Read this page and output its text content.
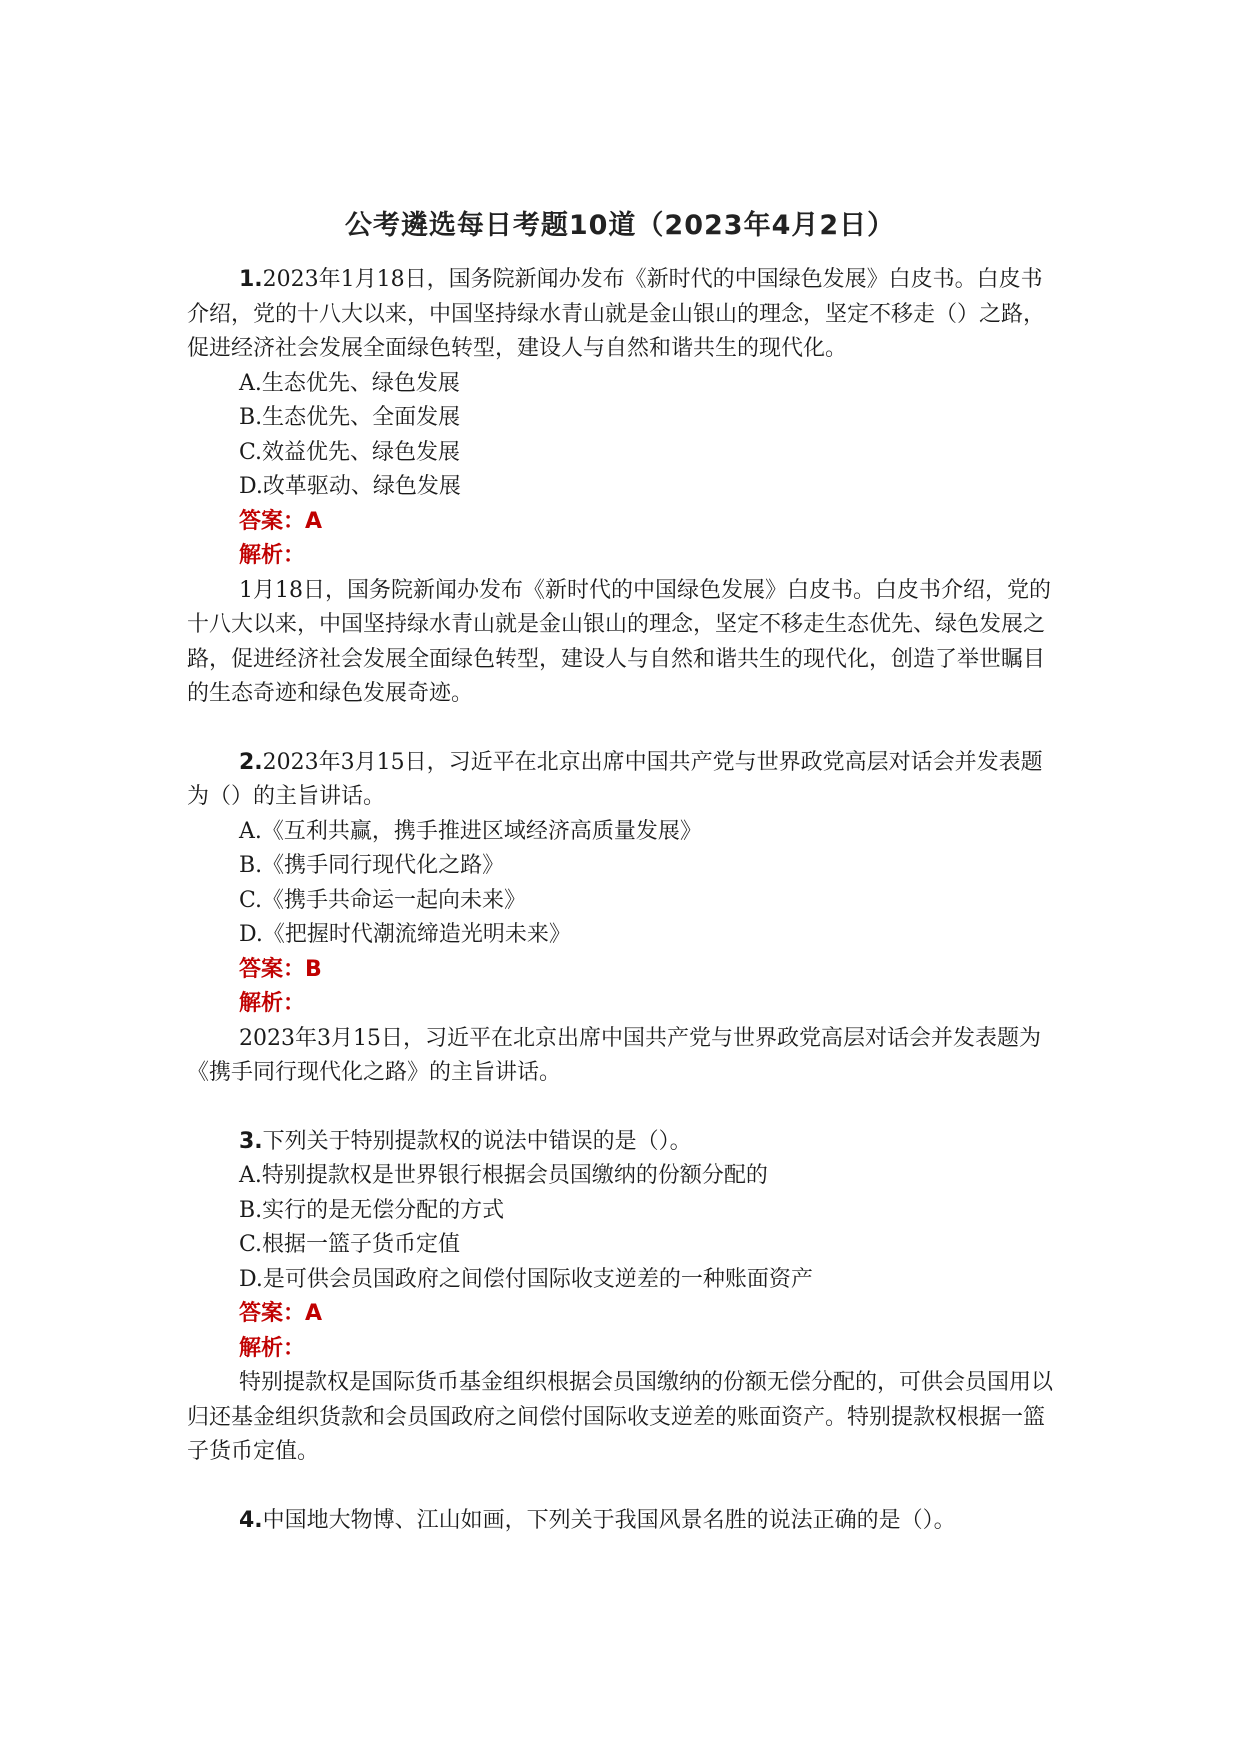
公考遴选每日考题10道（2023年4月2日）

1.2023年1月18日，国务院新闻办发布《新时代的中国绿色发展》白皮书。白皮书介绍，党的十八大以来，中国坚持绿水青山就是金山银山的理念，坚定不移走（）之路，促进经济社会发展全面绿色转型，建设人与自然和谐共生的现代化。

A.生态优先、绿色发展

B.生态优先、全面发展

C.效益优先、绿色发展

D.改革驱动、绿色发展

答案：A

解析：

1月18日，国务院新闻办发布《新时代的中国绿色发展》白皮书。白皮书介绍，党的十八大以来，中国坚持绿水青山就是金山银山的理念，坚定不移走生态优先、绿色发展之路，促进经济社会发展全面绿色转型，建设人与自然和谐共生的现代化，创造了举世瞩目的生态奇迹和绿色发展奇迹。

2.2023年3月15日，习近平在北京出席中国共产党与世界政党高层对话会并发表题为（）的主旨讲话。

A.《互利共赢，携手推进区域经济高质量发展》

B.《携手同行现代化之路》

C.《携手共命运一起向未来》

D.《把握时代潮流缔造光明未来》

答案：B

解析：

2023年3月15日，习近平在北京出席中国共产党与世界政党高层对话会并发表题为《携手同行现代化之路》的主旨讲话。

3.下列关于特别提款权的说法中错误的是（）。

A.特别提款权是世界银行根据会员国缴纳的份额分配的

B.实行的是无偿分配的方式

C.根据一篮子货币定值

D.是可供会员国政府之间偿付国际收支逆差的一种账面资产

答案：A

解析：

特别提款权是国际货币基金组织根据会员国缴纳的份额无偿分配的，可供会员国用以归还基金组织货款和会员国政府之间偿付国际收支逆差的账面资产。特别提款权根据一篮子货币定值。

4.中国地大物博、江山如画，下列关于我国风景名胜的说法正确的是（）。
